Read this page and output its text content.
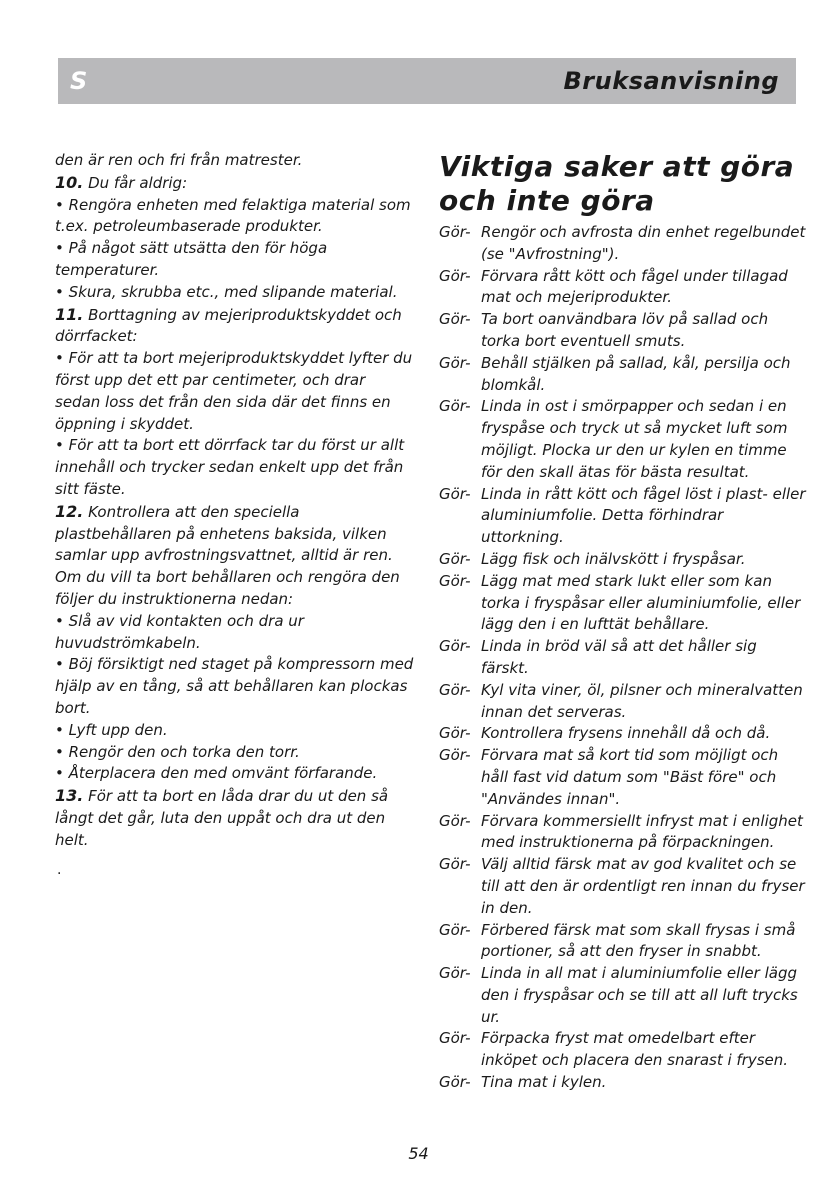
S	Bruksanvisning

den är ren och fri från matrester.

10. Du får aldrig:

• Rengöra enheten med felaktiga material som t.ex. petroleumbaserade produkter.

• På något sätt utsätta den för höga temperaturer.

• Skura, skrubba etc., med slipande material.

11. Borttagning av mejeriproduktskyddet och dörrfacket:

• För att ta bort mejeriproduktskyddet lyfter du först upp det ett par centimeter, och drar sedan loss det från den sida där det finns en öppning i skyddet.

• För att ta bort ett dörrfack tar du först ur allt innehåll och trycker sedan enkelt upp det från sitt fäste.

12. Kontrollera att den speciella plastbehållaren på enhetens baksida, vilken samlar upp avfrostningsvattnet, alltid är ren. Om du vill ta bort behållaren och rengöra den följer du instruktionerna nedan:

• Slå av vid kontakten och dra ur huvudströmkabeln.

• Böj försiktigt ned staget på kompressorn med hjälp av en tång, så att behållaren kan plockas bort.

• Lyft upp den.

• Rengör den och torka den torr.

• Återplacera den med omvänt förfarande.

13. För att ta bort en låda drar du ut den så långt det går, luta den uppåt och dra ut den helt.

Viktiga saker att göra och inte göra
Gör- Rengör och avfrosta din enhet regelbundet (se "Avfrostning").
Gör- Förvara rått kött och fågel under tillagad mat och mejeriprodukter.
Gör- Ta bort oanvändbara löv på sallad och torka bort eventuell smuts.
Gör- Behåll stjälken på sallad, kål, persilja och blomkål.
Gör- Linda in ost i smörpapper och sedan i en fryspåse och tryck ut så mycket luft som möjligt. Plocka ur den ur kylen en timme för den skall ätas för bästa resultat.
Gör- Linda in rått kött och fågel löst i plast- eller aluminiumfolie. Detta förhindrar uttorkning.
Gör- Lägg fisk och inälvskött i fryspåsar.
Gör- Lägg mat med stark lukt eller som kan torka i fryspåsar eller aluminiumfolie, eller lägg den i en lufttät behållare.
Gör- Linda in bröd väl så att det håller sig färskt.
Gör- Kyl vita viner, öl, pilsner och mineralvatten innan det serveras.
Gör- Kontrollera frysens innehåll då och då.
Gör- Förvara mat så kort tid som möjligt och håll fast vid datum som "Bäst före" och "Användes innan".
Gör- Förvara kommersiellt infryst mat i enlighet med instruktionerna på förpackningen.
Gör- Välj alltid färsk mat av god kvalitet och se till att den är ordentligt ren innan du fryser in den.
Gör- Förbered färsk mat som skall frysas i små portioner, så att den fryser in snabbt.
Gör- Linda in all mat i aluminiumfolie eller lägg den i fryspåsar och se till att all luft trycks ur.
Gör- Förpacka fryst mat omedelbart efter inköpet och placera den snarast i frysen.
Gör- Tina mat i kylen.
.
54
